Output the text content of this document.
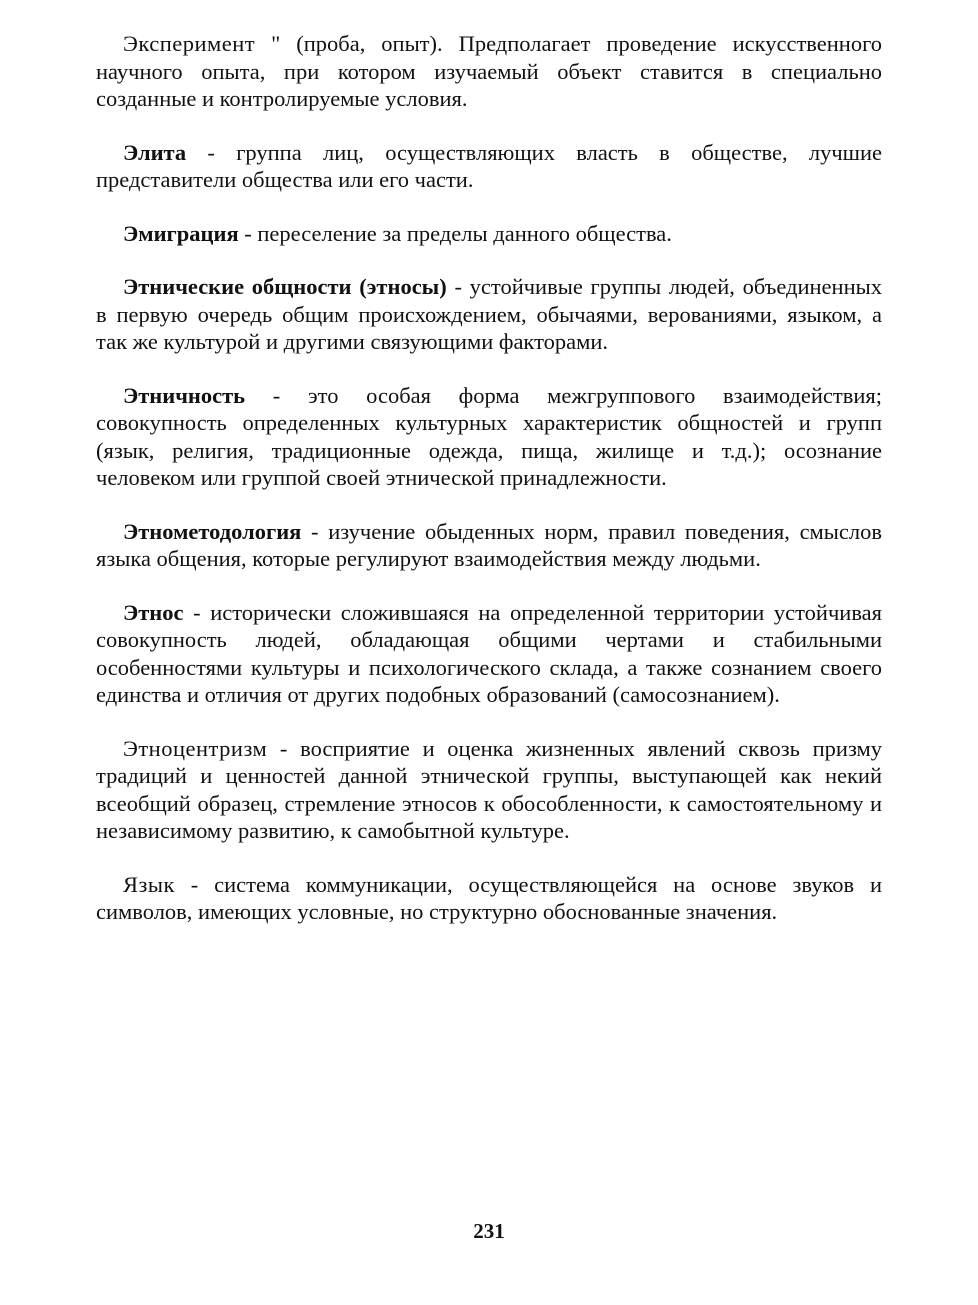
Эксперимент " (проба, опыт). Предполагает проведение искусственного научного опыта, при котором изучаемый объект ставится в специально созданные и контролируемые условия.

Элита - группа лиц, осуществляющих власть в обществе, лучшие представители общества или его части.

Эмиграция - переселение за пределы данного общества.

Этнические общности (этносы) - устойчивые группы людей, объединенных в первую очередь общим происхождением, обычаями, верованиями, языком, а так же культурой и другими связующими факторами.

Этничность - это особая форма межгруппового взаимодействия; совокупность определенных культурных характеристик общностей и групп (язык, религия, традиционные одежда, пища, жилище и т.д.); осознание человеком или группой своей этнической принадлежности.

Этнометодология - изучение обыденных норм, правил поведения, смыслов языка общения, которые регулируют взаимодействия между людьми.

Этнос - исторически сложившаяся на определенной территории устойчивая совокупность людей, обладающая общими чертами и стабильными особенностями культуры и психологического склада, а также сознанием своего единства и отличия от других подобных образований (самосознанием).

Этноцентризм - восприятие и оценка жизненных явлений сквозь призму традиций и ценностей данной этнической группы, выступающей как некий всеобщий образец, стремление этносов к обособленности, к самостоятельному и независимому развитию, к самобытной культуре.

Язык - система коммуникации, осуществляющейся на основе звуков и символов, имеющих условные, но структурно обоснованные значения.

231
